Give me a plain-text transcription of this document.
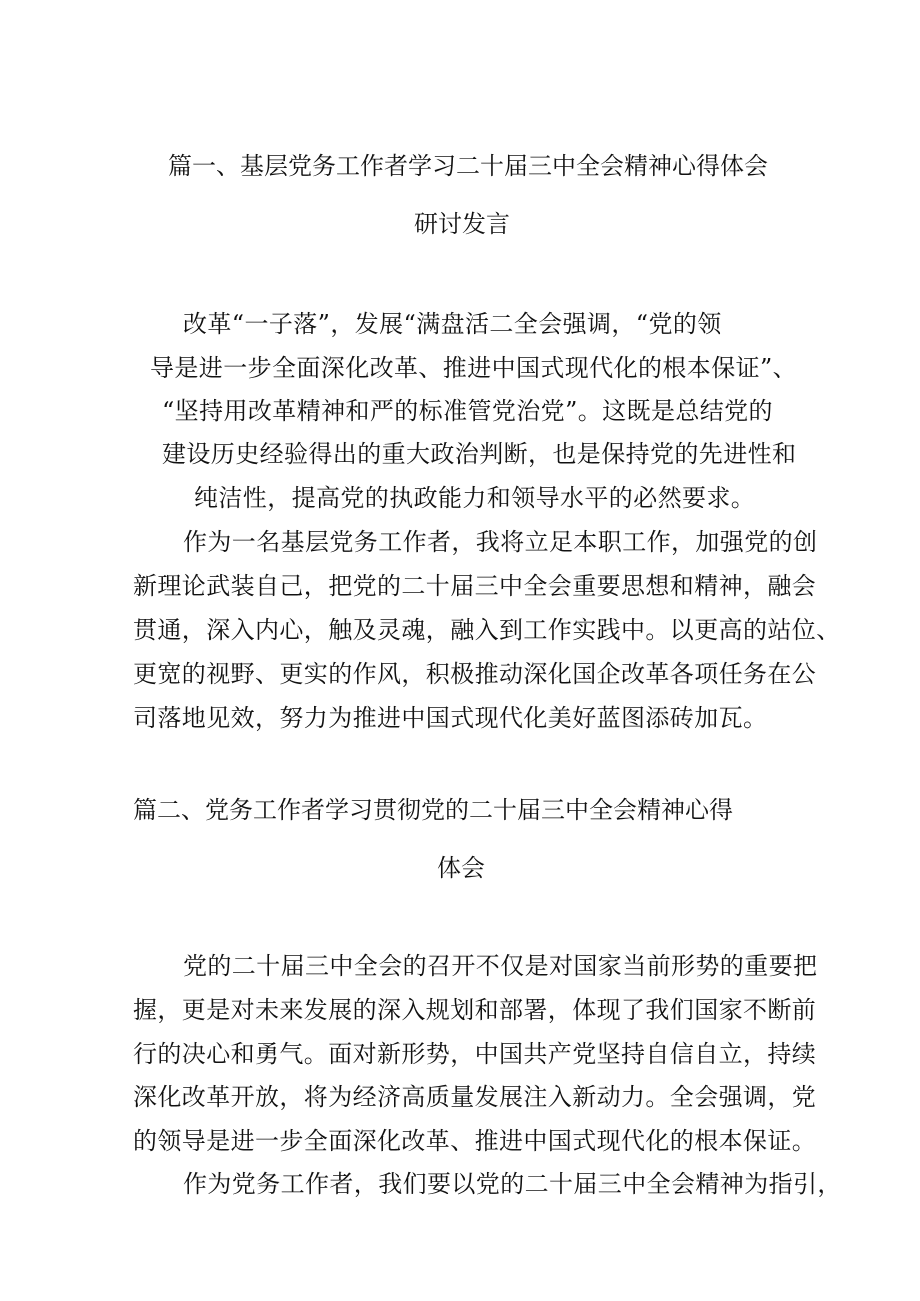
篇一、基层党务工作者学习二十届三中全会精神心得体会
研讨发言
改革“一子落”，发展“满盘活二全会强调，“党的领
导是进一步全面深化改革、推进中国式现代化的根本保证”、
“坚持用改革精神和严的标准管党治党”。这既是总结党的
建设历史经验得出的重大政治判断，也是保持党的先进性和
纯洁性，提高党的执政能力和领导水平的必然要求。
作为一名基层党务工作者，我将立足本职工作，加强党的创
新理论武装自己，把党的二十届三中全会重要思想和精神，融会
贯通，深入内心，触及灵魂，融入到工作实践中。以更高的站位、
更宽的视野、更实的作风，积极推动深化国企改革各项任务在公
司落地见效，努力为推进中国式现代化美好蓝图添砖加瓦。
篇二、党务工作者学习贯彻党的二十届三中全会精神心得
体会
党的二十届三中全会的召开不仅是对国家当前形势的重要把
握，更是对未来发展的深入规划和部署，体现了我们国家不断前
行的决心和勇气。面对新形势，中国共产党坚持自信自立，持续
深化改革开放，将为经济高质量发展注入新动力。全会强调，党
的领导是进一步全面深化改革、推进中国式现代化的根本保证。
作为党务工作者，我们要以党的二十届三中全会精神为指引，
